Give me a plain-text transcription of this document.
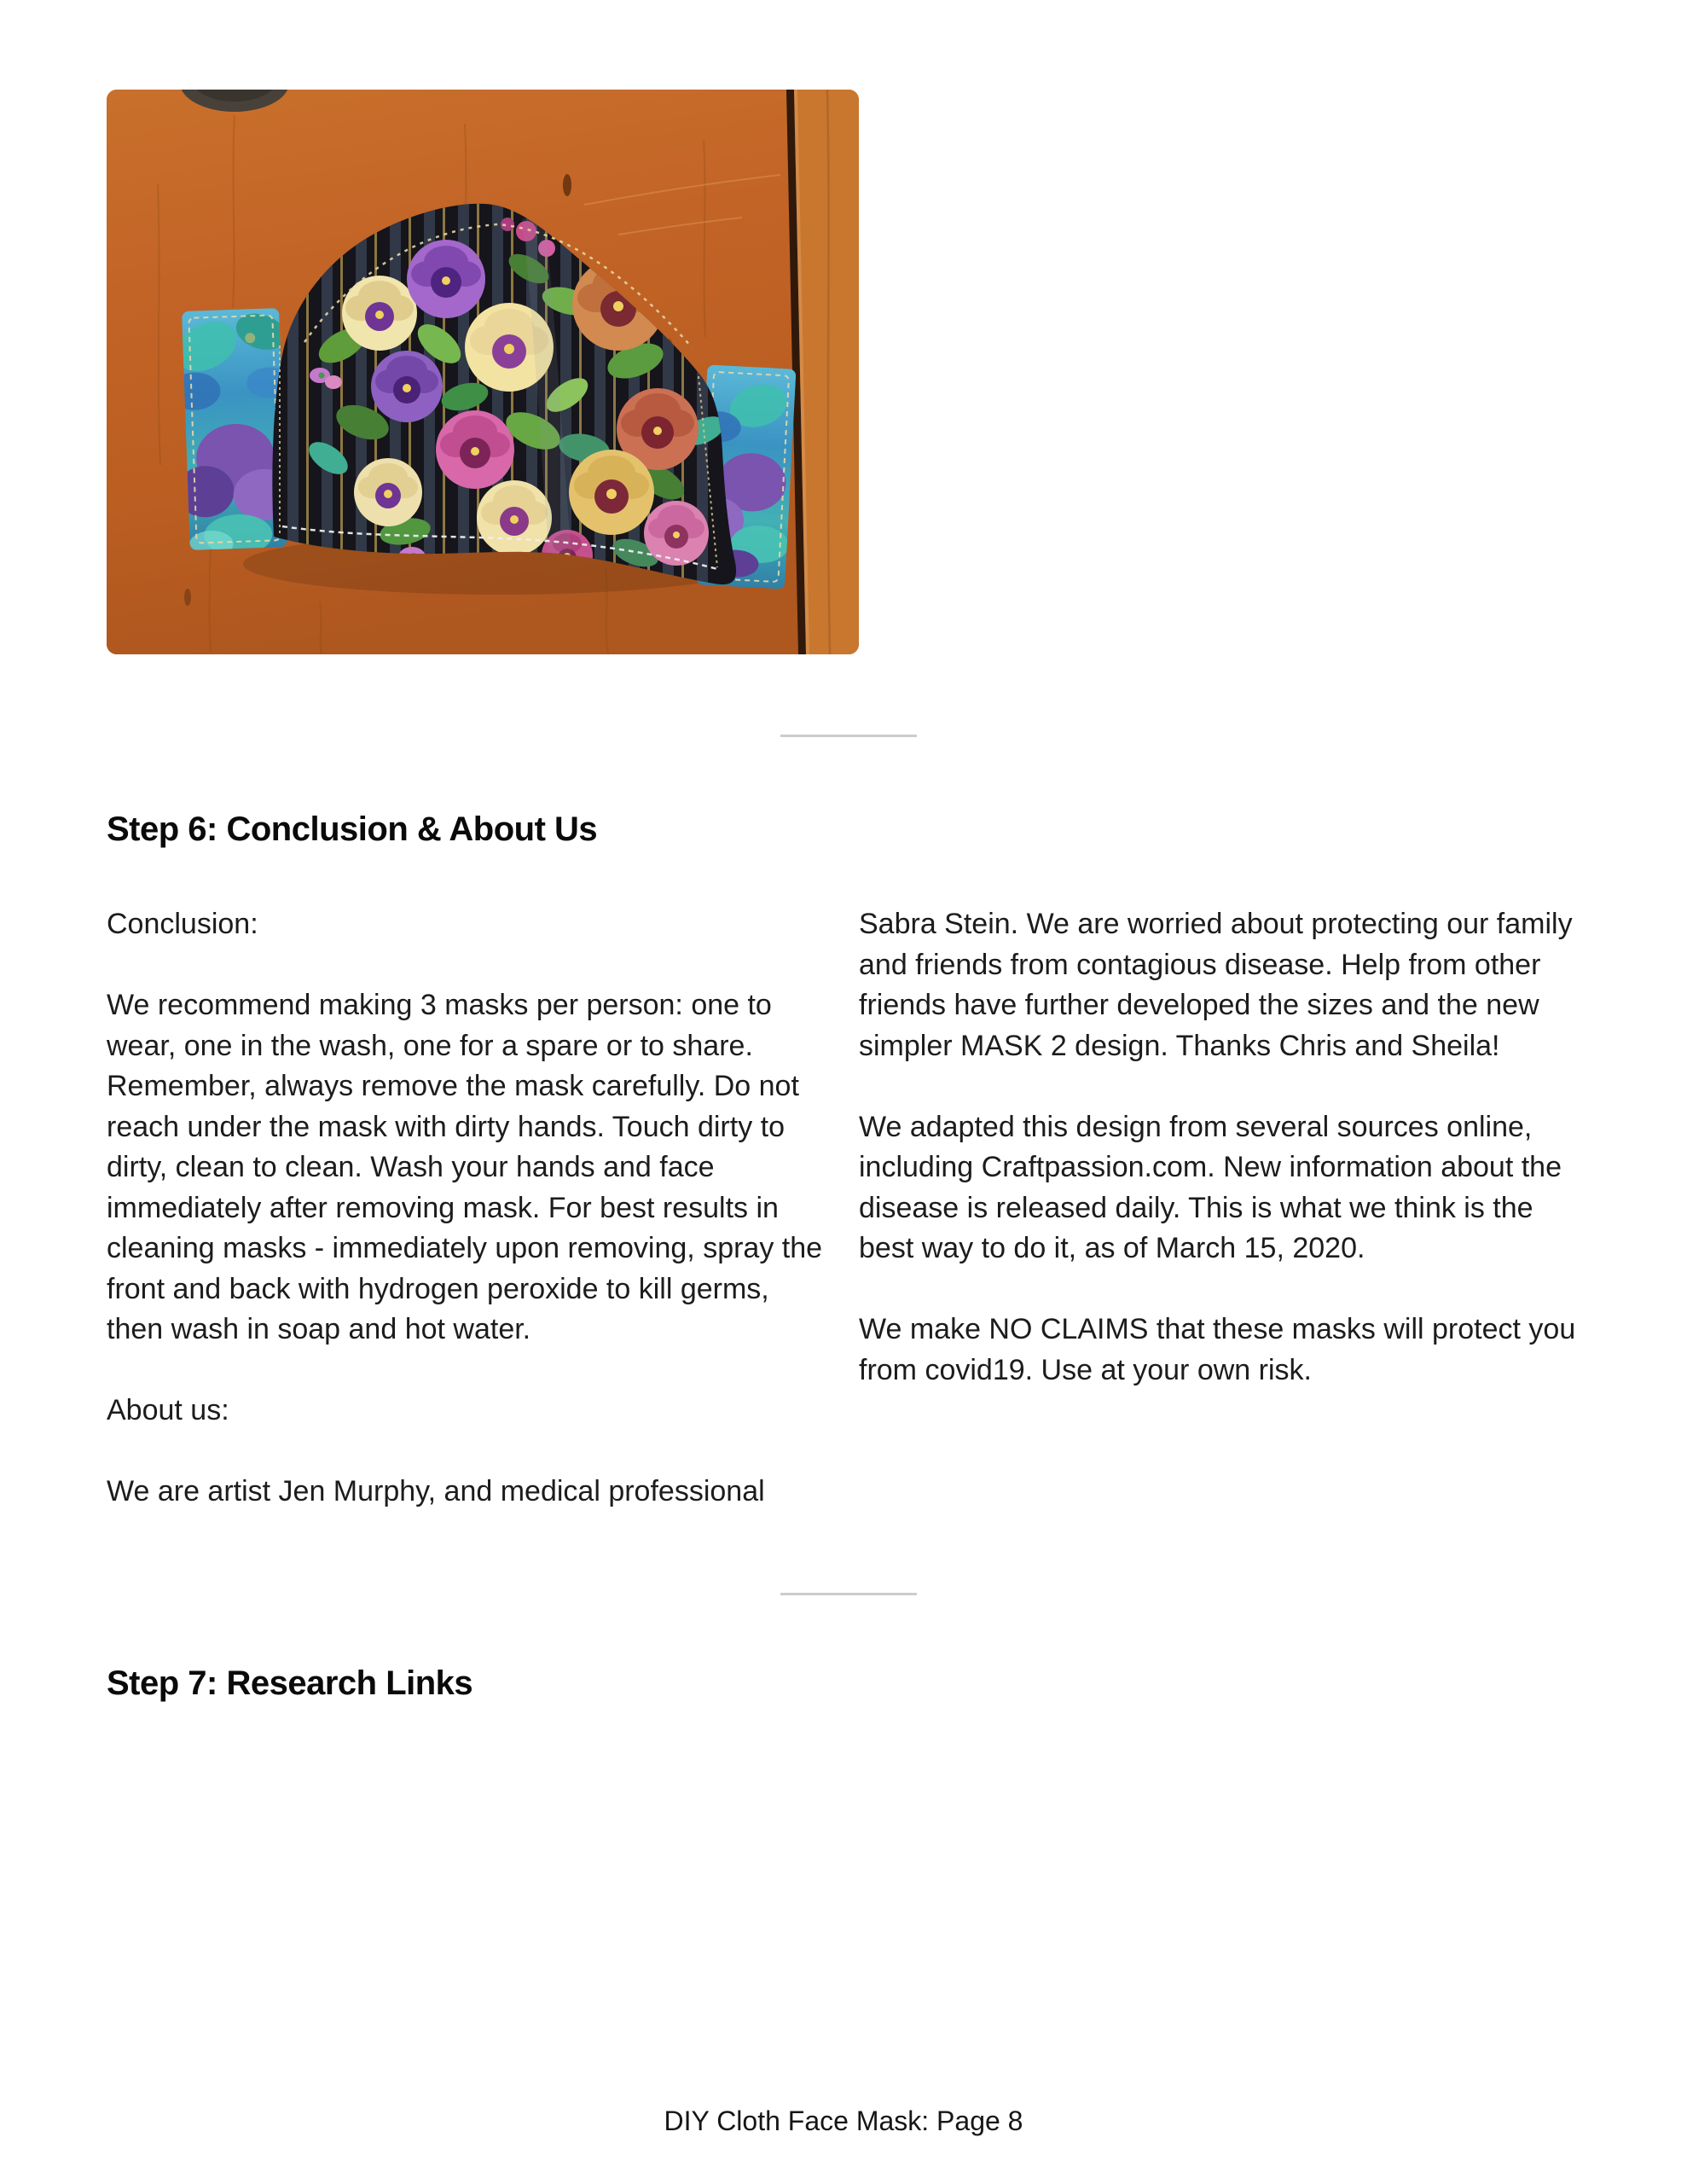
Step 6: Conclusion & About Us

Conclusion:

We recommend making 3 masks per person: one to wear, one in the wash, one for a spare or to share. Remember, always remove the mask carefully. Do not reach under the mask with dirty hands. Touch dirty to dirty, clean to clean. Wash your hands and face immediately after removing mask. For best results in cleaning masks - immediately upon removing, spray the front and back with hydrogen peroxide to kill germs, then wash in soap and hot water.

About us:

We are artist Jen Murphy, and medical professional

Sabra Stein. We are worried about protecting our family and friends from contagious disease. Help from other friends have further developed the sizes and the new simpler MASK 2 design. Thanks Chris and Sheila!

We adapted this design from several sources online, including Craftpassion.com. New information about the disease is released daily. This is what we think is the best way to do it, as of March 15, 2020.

We make NO CLAIMS that these masks will protect you from covid19. Use at your own risk.

Step 7: Research Links
DIY Cloth Face Mask: Page 8
